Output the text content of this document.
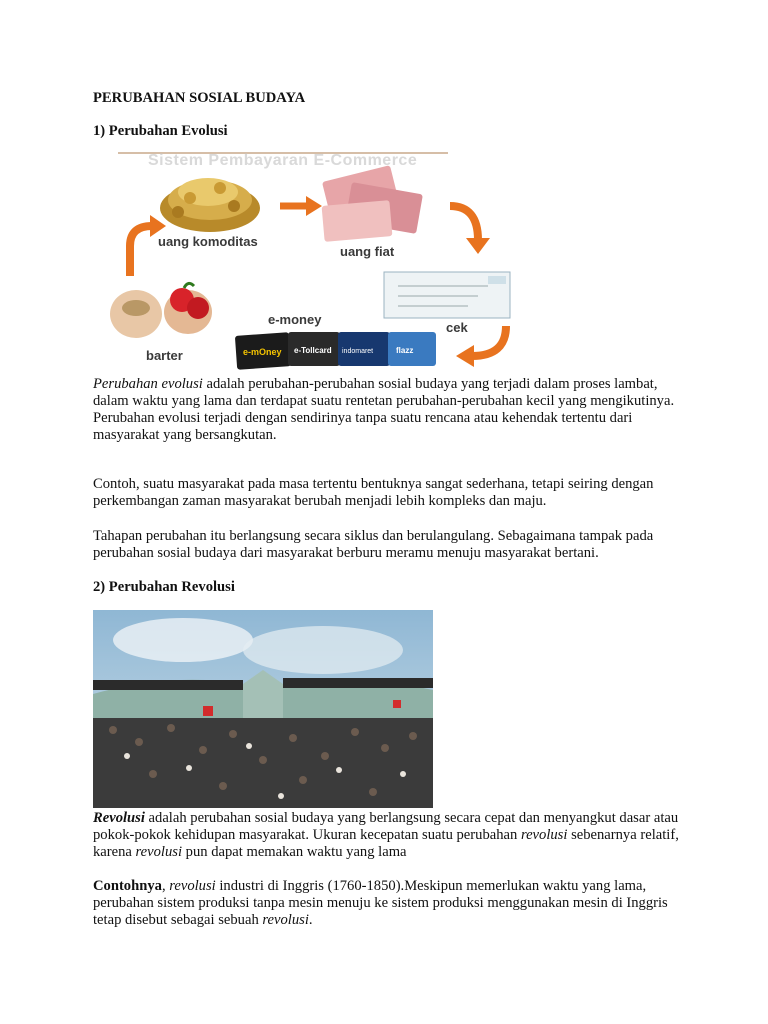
PERUBAHAN SOSIAL BUDAYA
1) Perubahan Evolusi
e-mOney e-Tollcard indomaret	flazz
Sistem Pembayaran E-Commerce
uang komoditas
uang fiat
cek
e-money
barter

Perubahan evolusi adalah perubahan-perubahan sosial budaya yang terjadi dalam proses lambat, dalam waktu yang lama dan terdapat suatu rentetan perubahan-perubahan kecil yang mengikutinya.

Perubahan evolusi terjadi dengan sendirinya tanpa suatu rencana atau kehendak tertentu dari masyarakat yang bersangkutan.

Contoh, suatu masyarakat pada masa tertentu bentuknya sangat sederhana, tetapi seiring dengan perkembangan zaman masyarakat berubah menjadi lebih kompleks dan maju.
Tahapan perubahan itu berlangsung secara siklus dan berulangulang. Sebagaimana tampak pada perubahan sosial budaya dari masyarakat berburu meramu menuju masyarakat bertani.
2) Perubahan Revolusi
Revolusi adalah perubahan sosial budaya yang berlangsung secara cepat dan menyangkut dasar atau pokok-pokok kehidupan masyarakat. Ukuran kecepatan suatu perubahan revolusi sebenarnya relatif, karena revolusi pun dapat memakan waktu yang lama
Contohnya, revolusi industri di Inggris (1760-1850).Meskipun memerlukan waktu yang lama, perubahan sistem produksi tanpa mesin menuju ke sistem produksi menggunakan mesin di Inggris tetap disebut sebagai sebuah revolusi.
